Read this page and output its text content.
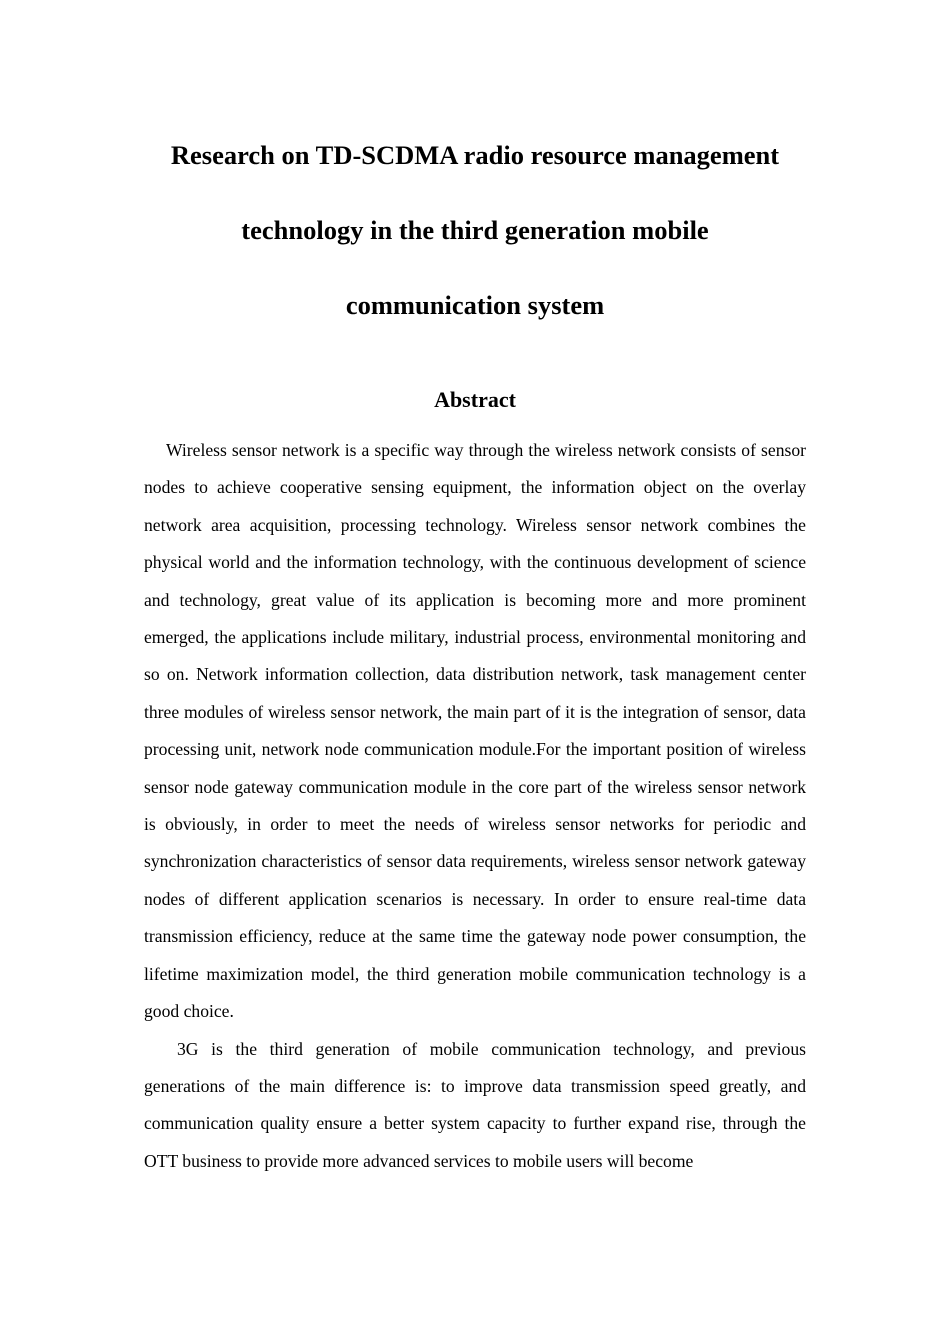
Research on TD-SCDMA radio resource management
technology in the third generation mobile
communication system
Abstract

Wireless sensor network is a specific way through the wireless network consists of sensor nodes to achieve cooperative sensing equipment, the information object on the overlay network area acquisition, processing technology. Wireless sensor network combines the physical world and the information technology, with the continuous development of science and technology, great value of its application is becoming more and more prominent emerged, the applications include military, industrial process, environmental monitoring and so on. Network information collection, data distribution network, task management center three modules of wireless sensor network, the main part of it is the integration of sensor, data processing unit, network node communication module.For the important position of wireless sensor node gateway communication module in the core part of the wireless sensor network is obviously, in order to meet the needs of wireless sensor networks for periodic and synchronization characteristics of sensor data requirements, wireless sensor network gateway nodes of different application scenarios is necessary. In order to ensure real-time data transmission efficiency, reduce at the same time the gateway node power consumption, the lifetime maximization model, the third generation mobile communication technology is a good choice.

3G is the third generation of mobile communication technology, and previous generations of the main difference is: to improve data transmission speed greatly, and communication quality ensure a better system capacity to further expand rise, through the OTT business to provide more advanced services to mobile users will become
